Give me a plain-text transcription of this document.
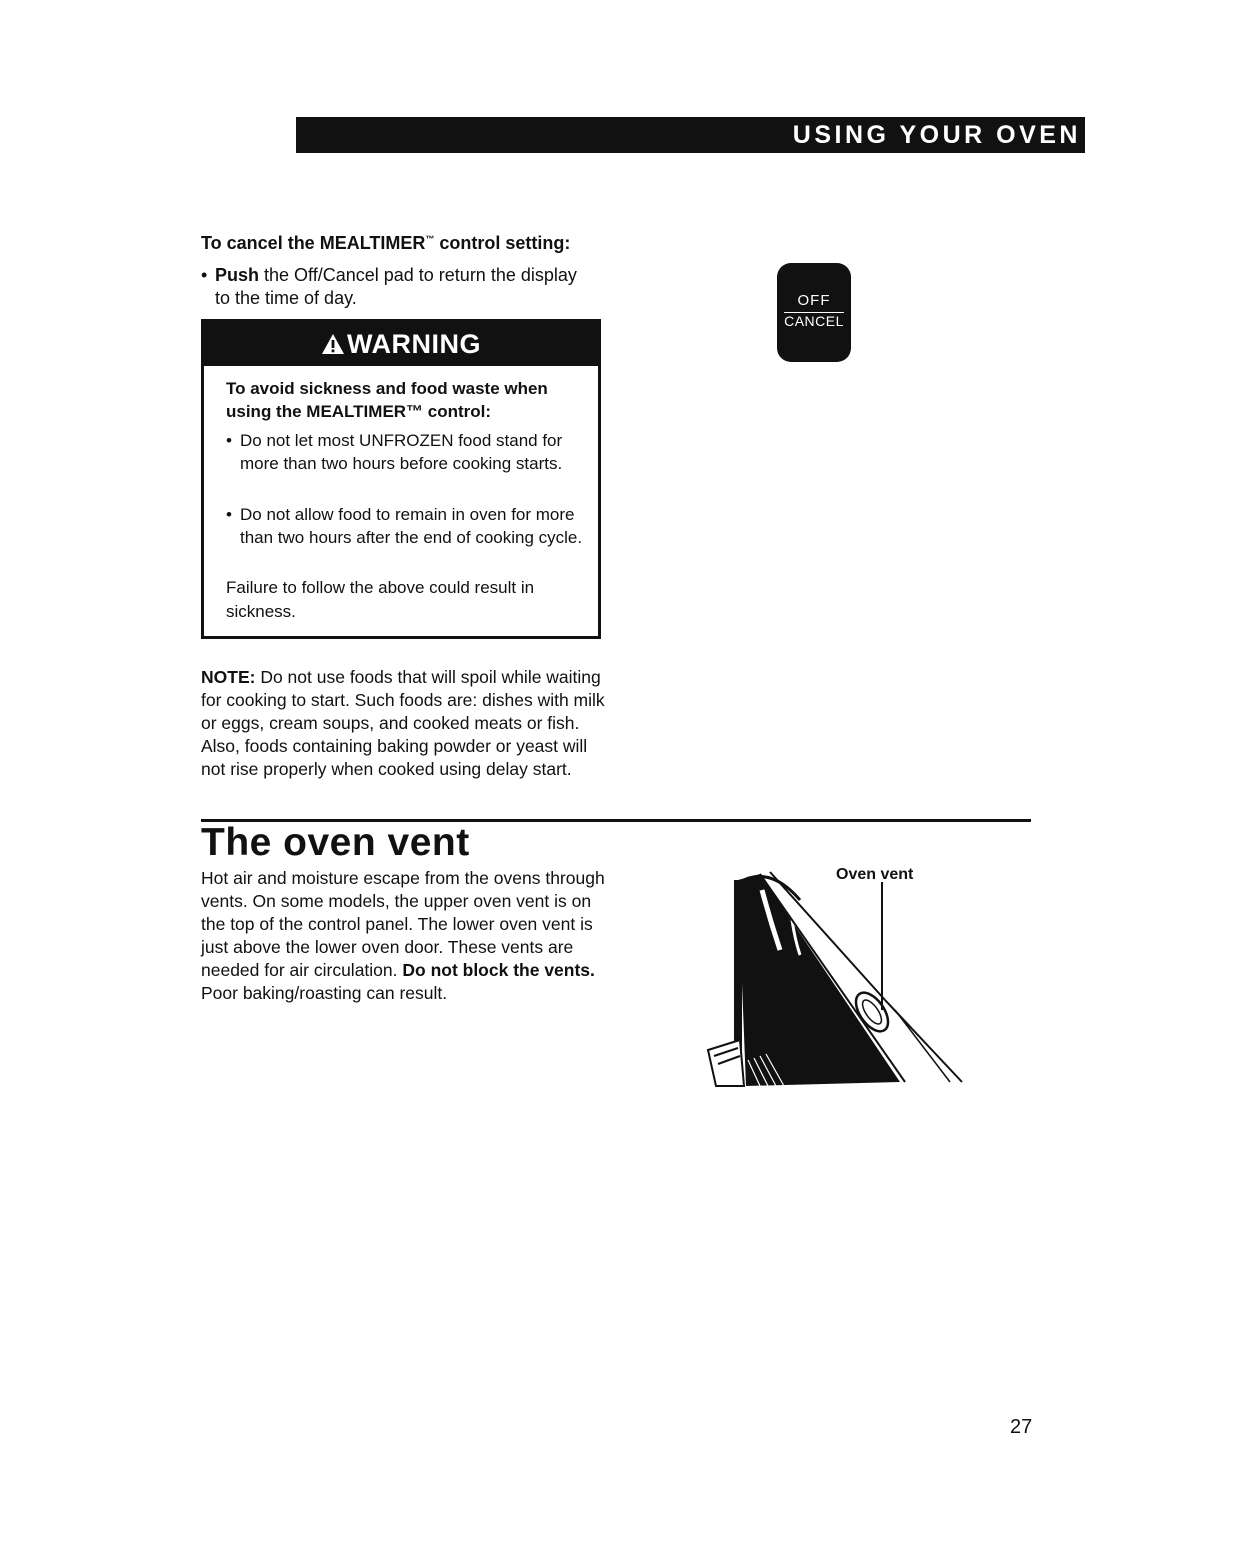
USING YOUR OVEN
To cancel the MEALTIMER™ control setting:
• Push the Off/Cancel pad to return the display
to the time of day.
WARNING
To avoid sickness and food waste when using the MEALTIMER™ control:
• Do not let most UNFROZEN food stand for more than two hours before cooking starts.
• Do not allow food to remain in oven for more than two hours after the end of cooking cycle.
Failure to follow the above could result in sickness.
OFF
CANCEL
NOTE: Do not use foods that will spoil while waiting for cooking to start. Such foods are: dishes with milk or eggs, cream soups, and cooked meats or fish. Also, foods containing baking powder or yeast will not rise properly when cooked using delay start.
The oven vent
Hot air and moisture escape from the ovens through vents. On some models, the upper oven vent is on the top of the control panel. The lower oven vent is just above the lower oven door. These vents are needed for air circulation. Do not block the vents. Poor baking/roasting can result.
Oven vent
27
